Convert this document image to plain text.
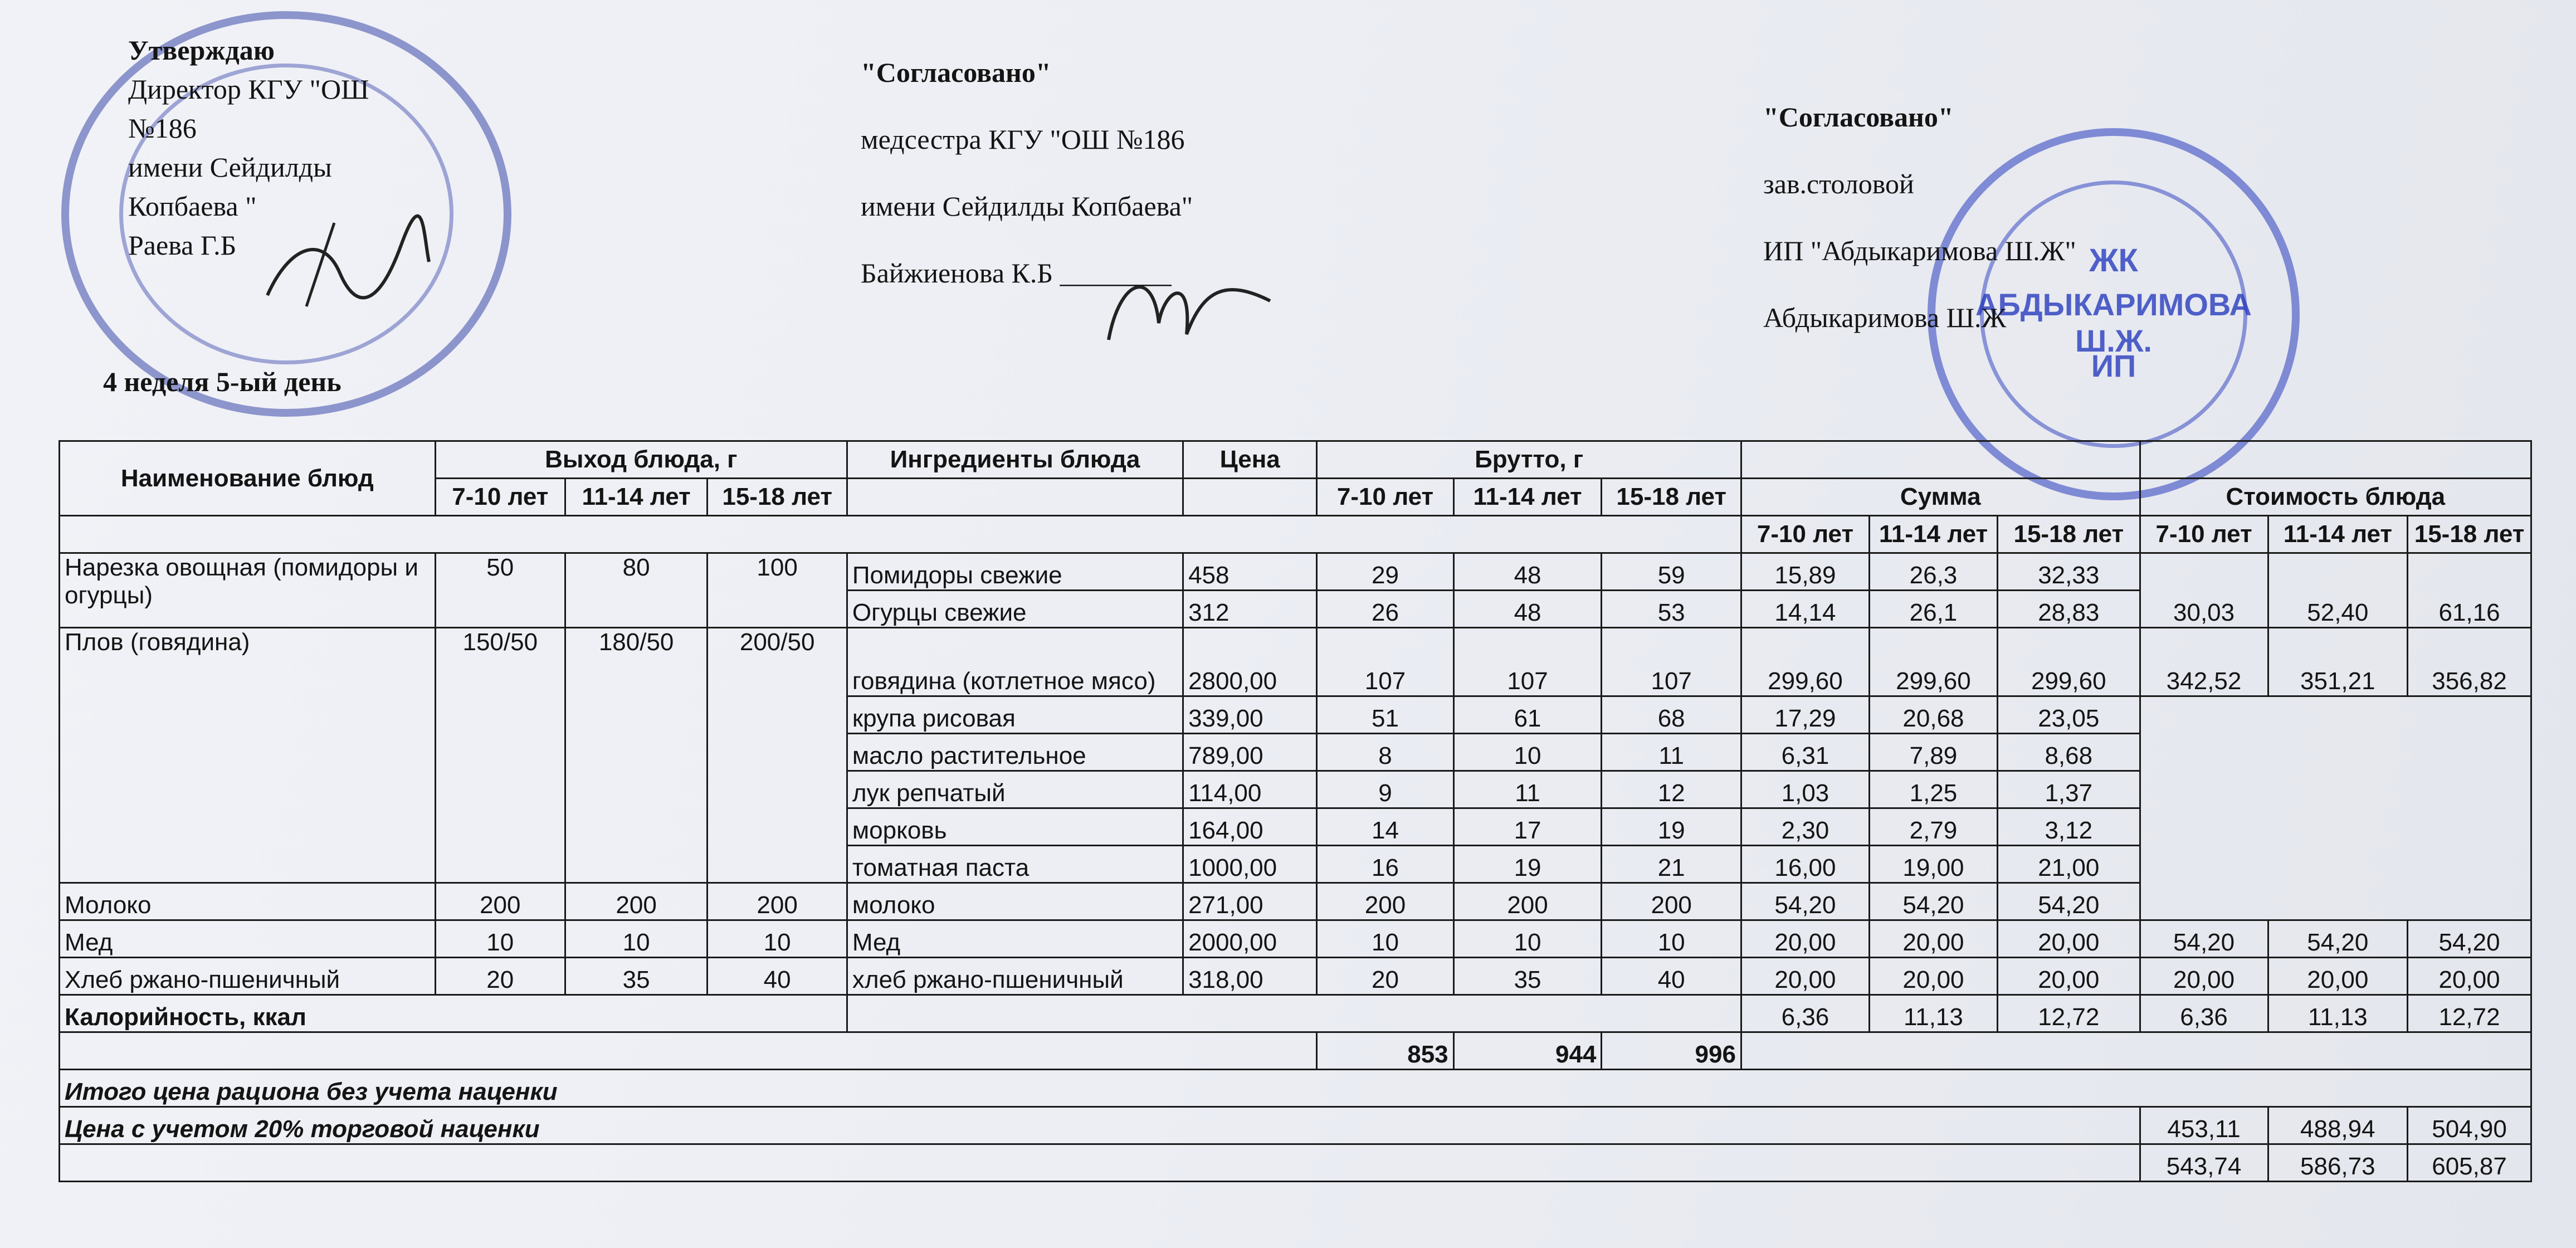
ЖК
АБДЫКАРИМОВА Ш.Ж.
ИП
Утверждаю
Директор КГУ "ОШ
№186
имени Сейдилды
Копбаева "
Раева Г.Б
4 неделя 5-ый день
"Согласовано"
медсестра КГУ "ОШ №186
имени Сейдилды Копбаева"
Байжиенова К.Б ________
"Согласовано"
зав.столовой
ИП "Абдыкаримова Ш.Ж"
Абдыкаримова Ш.Ж
Наименование блюд	Выход блюда, г			Ингредиенты блюда	Цена	Брутто, г								
	7-10 лет	11-14 лет	15-18 лет											
						7-10 лет	11-14 лет	15-18 лет	Сумма			Стоимость блюда		
									7-10 лет	11-14 лет	15-18 лет	7-10 лет	11-14 лет	15-18 лет
Нарезка овощная (помидоры и огурцы)	50	80	100	Помидоры свежие	458	29	48	59	15,89	26,3	32,33	30,03	52,40	61,16
				Огурцы свежие	312	26	48	53	14,14	26,1	28,83			
Плов (говядина)	150/50	180/50	200/50	говядина (котлетное мясо)	2800,00	107	107	107	299,60	299,60	299,60	342,52	351,21	356,82
				крупа рисовая	339,00	51	61	68	17,29	20,68	23,05			
				масло растительное	789,00	8	10	11	6,31	7,89	8,68			
				лук репчатый	114,00	9	11	12	1,03	1,25	1,37			
				морковь	164,00	14	17	19	2,30	2,79	3,12			
				томатная паста	1000,00	16	19	21	16,00	19,00	21,00			
Молоко	200	200	200	молоко	271,00	200	200	200	54,20	54,20	54,20			
Мед	10	10	10	Мед	2000,00	10	10	10	20,00	20,00	20,00	54,20	54,20	54,20
Хлеб ржано-пшеничный	20	35	40	хлеб ржано-пшеничный	318,00	20	35	40	20,00	20,00	20,00	20,00	20,00	20,00
Калорийность, ккал									6,36	11,13	12,72	6,36	11,13	12,72
						853	944	996						
Итого цена рациона без учета наценки														
Цена с учетом 20% торговой наценки												453,11	488,94	504,90
												543,74	586,73	605,87
